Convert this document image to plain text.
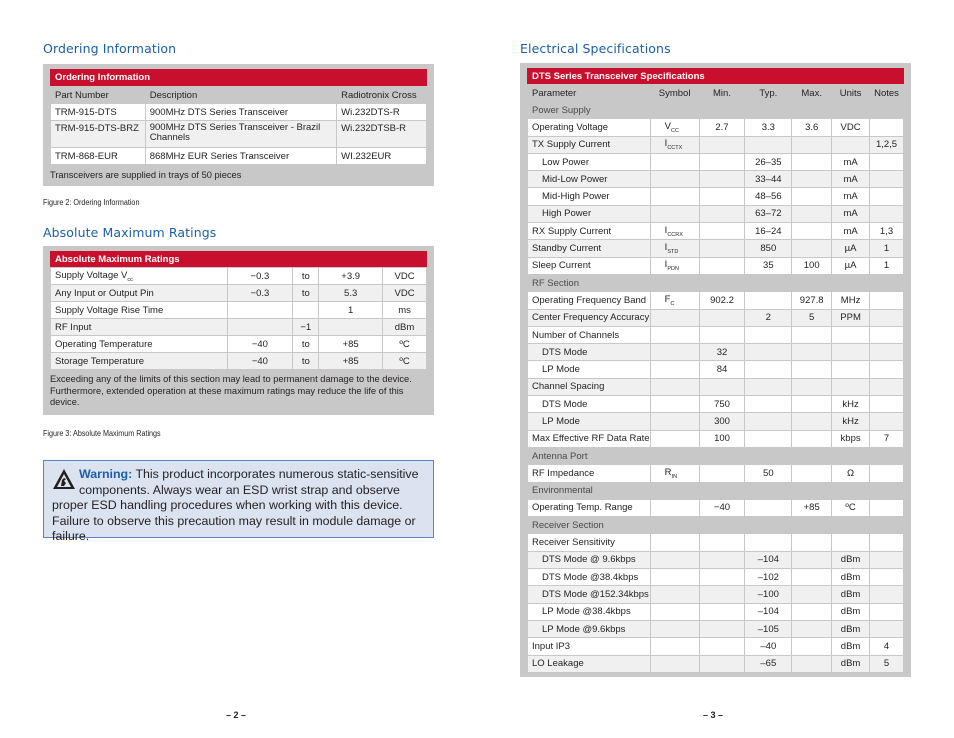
Ordering Information
Ordering Information
Part Number	Description	Radiotronix Cross
TRM-915-DTS	900MHz DTS Series Transceiver	Wi.232DTS-R
TRM-915-DTS-BRZ	900MHz DTS Series Transceiver - Brazil Channels	Wi.232DTSB-R
TRM-868-EUR	868MHz EUR Series Transceiver	WI.232EUR
Transceivers are supplied in trays of 50 pieces
Figure 2: Ordering Information
Absolute Maximum Ratings
Absolute Maximum Ratings
Supply Voltage $V_{cc}$	−0.3	to	+3.9	VDC
Any Input or Output Pin	−0.3	to	5.3	VDC
Supply Voltage Rise Time			1	ms
RF Input		−1		dBm
Operating Temperature	−40	to	+85	ºC
Storage Temperature	−40	to	+85	ºC
Exceeding any of the limits of this section may lead to permanent damage to the device. Furthermore, extended operation at these maximum ratings may reduce the life of this device.
Figure 3: Absolute Maximum Ratings
Warning: This product incorporates numerous static-sensitive components. Always wear an ESD wrist strap and observe proper ESD handling procedures when working with this device. Failure to observe this precaution may result in module damage or failure.
– 2 –
Electrical Specifications
DTS Series Transceiver Specifications
Parameter	Symbol	Min.	Typ.	Max.	Units	Notes
Power Supply						
Operating Voltage	$V_{CC}$	2.7	3.3	3.6	VDC	
TX Supply Current	$I_{CCTX}$					1,2,5
Low Power			26–35		mA	
Mid-Low Power			33–44		mA	
Mid-High Power			48–56		mA	
High Power			63–72		mA	
RX Supply Current	$I_{CCRX}$		16–24		mA	1,3
Standby Current	$I_{STD}$		850		µA	1
Sleep Current	$I_{PDN}$		35	100	µA	1
RF Section						
Operating Frequency Band	$F_C$	902.2		927.8	MHz	
Center Frequency Accuracy			2	5	PPM	
Number of Channels						
DTS Mode		32				
LP Mode		84				
Channel Spacing						
DTS Mode		750			kHz	
LP Mode		300			kHz	
Max Effective RF Data Rate		100			kbps	7
Antenna Port						
RF Impedance	$R_{IN}$		50		Ω	
Environmental						
Operating Temp. Range		−40		+85	ºC	
Receiver Section						
Receiver Sensitivity						
DTS Mode @ 9.6kbps			–104		dBm	
DTS Mode @38.4kbps			–102		dBm	
DTS Mode @152.34kbps			–100		dBm	
LP Mode @38.4kbps			–104		dBm	
LP Mode @9.6kbps			–105		dBm	
Input IP3			–40		dBm	4
LO Leakage			–65		dBm	5
– 3 –
